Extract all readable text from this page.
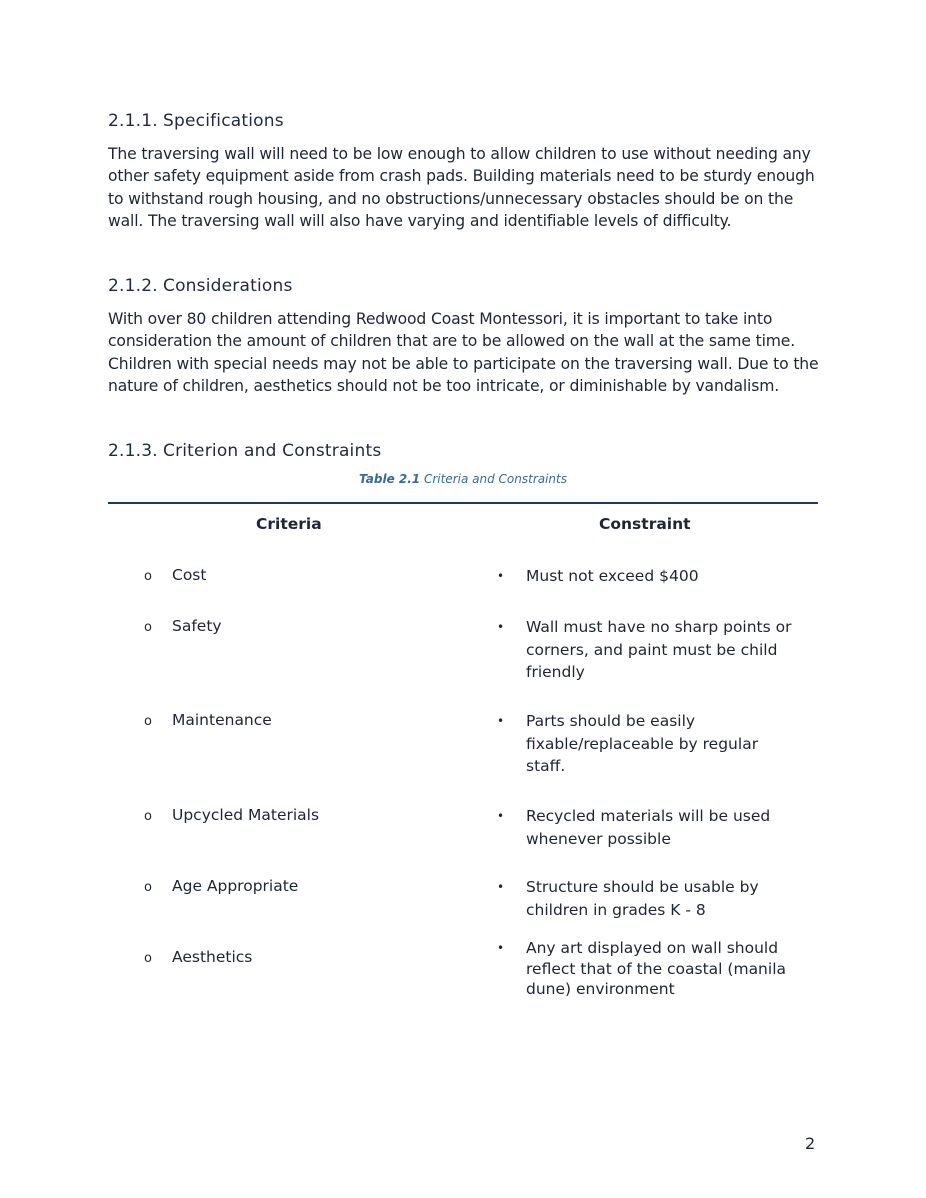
2.1.1. Specifications

The traversing wall will need to be low enough to allow children to use without needing any other safety equipment aside from crash pads. Building materials need to be sturdy enough to withstand rough housing, and no obstructions/unnecessary obstacles should be on the wall. The traversing wall will also have varying and identifiable levels of difficulty.

2.1.2. Considerations

With over 80 children attending Redwood Coast Montessori, it is important to take into consideration the amount of children that are to be allowed on the wall at the same time. Children with special needs may not be able to participate on the traversing wall. Due to the nature of children, aesthetics should not be too intricate, or diminishable by vandalism.

2.1.3. Criterion and Constraints
Table 2.1 Criteria and Constraints
Criteria	Constraint
o Cost	• Must not exceed $400
o Safety	• Wall must have no sharp points or corners, and paint must be child friendly
o Maintenance	• Parts should be easily fixable/replaceable by regular staff.
o Upcycled Materials	• Recycled materials will be used whenever possible
o Age Appropriate	• Structure should be usable by children in grades K - 8
o Aesthetics	• Any art displayed on wall should reflect that of the coastal (manila dune) environment
2
